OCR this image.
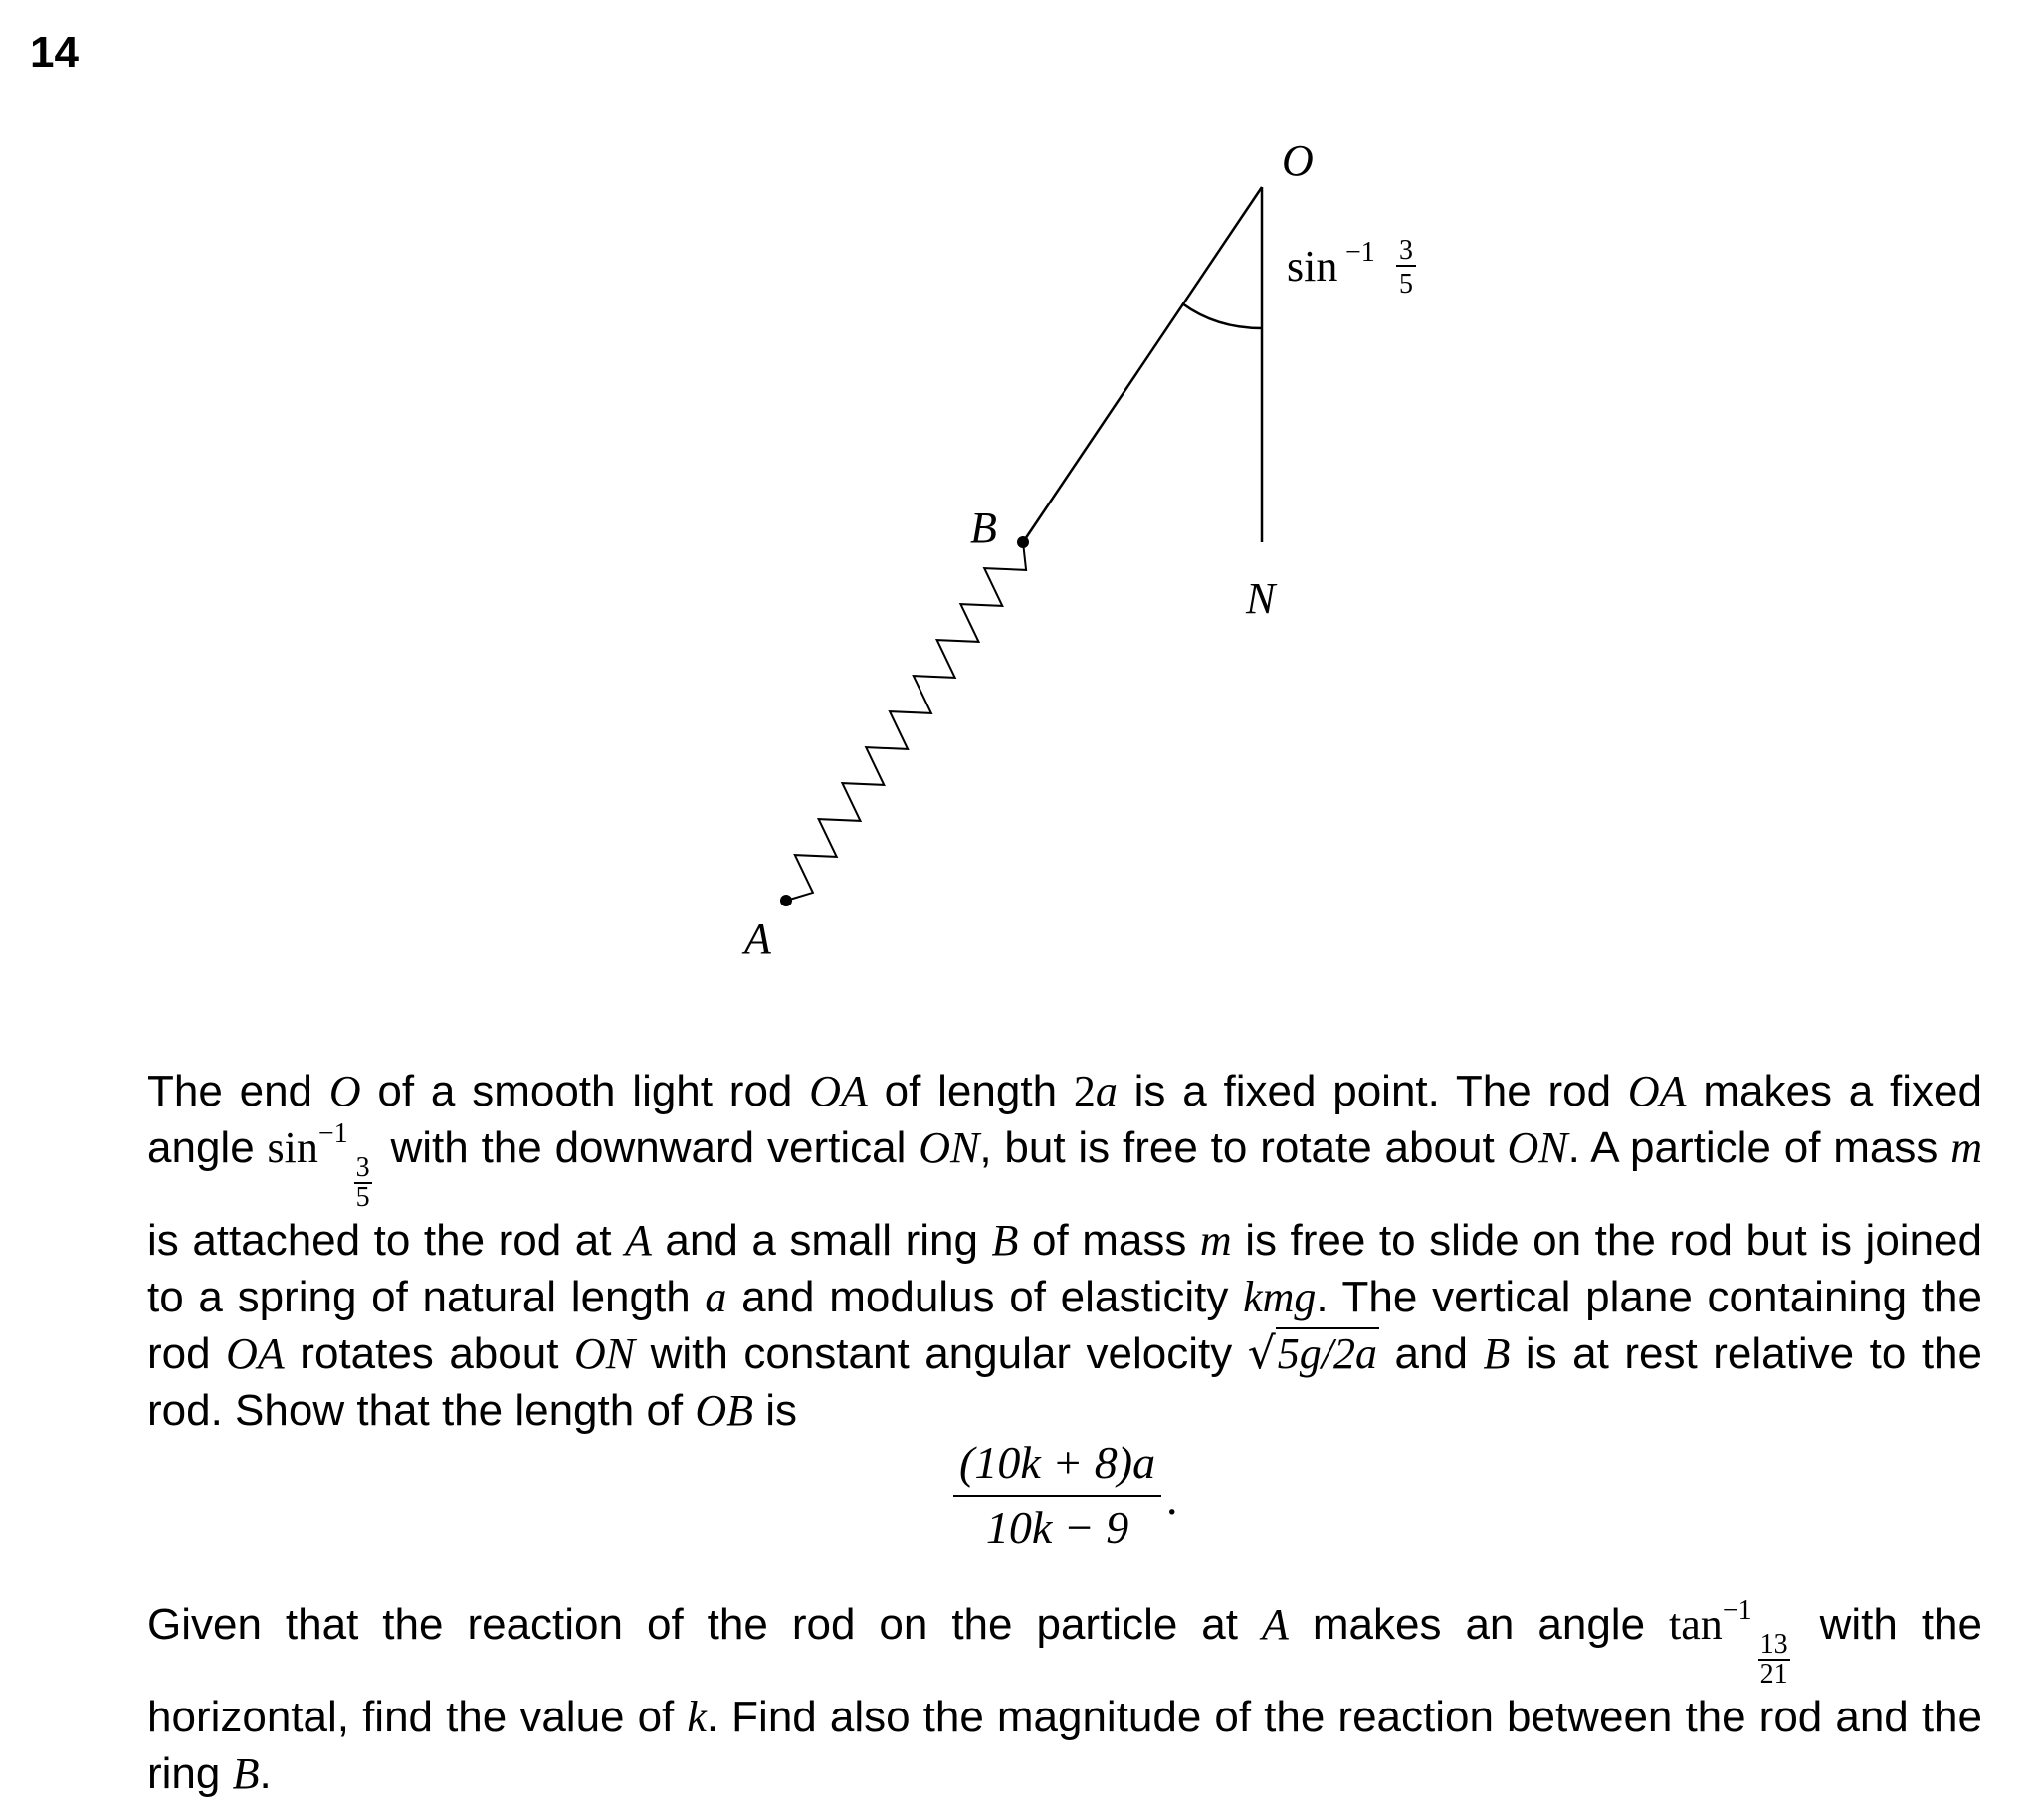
14
O
N
B
A
sin −1 3
5
The end O of a smooth light rod OA of length 2a is a fixed point. The rod OA makes a fixed angle $\sin^{-1}$
$\frac{3}{5}$
with the downward vertical ON, but is free to rotate about ON. A particle of mass m is attached to the rod at A and a small ring B of mass m is free to slide on the rod but is joined to a spring of natural length a and modulus of elasticity kmg. The vertical plane containing the rod OA rotates about ON with constant angular velocity √5g/2a and B is at rest relative to the rod. Show that the length of OB is
$\frac{(10k + 8)a}{10k - 9}$ .
Given that the reaction of the rod on the particle at A makes an angle $\tan^{-1}$
$\frac{13}{21}$
with the horizontal, find the value of k. Find also the magnitude of the reaction between the rod and the ring B.
